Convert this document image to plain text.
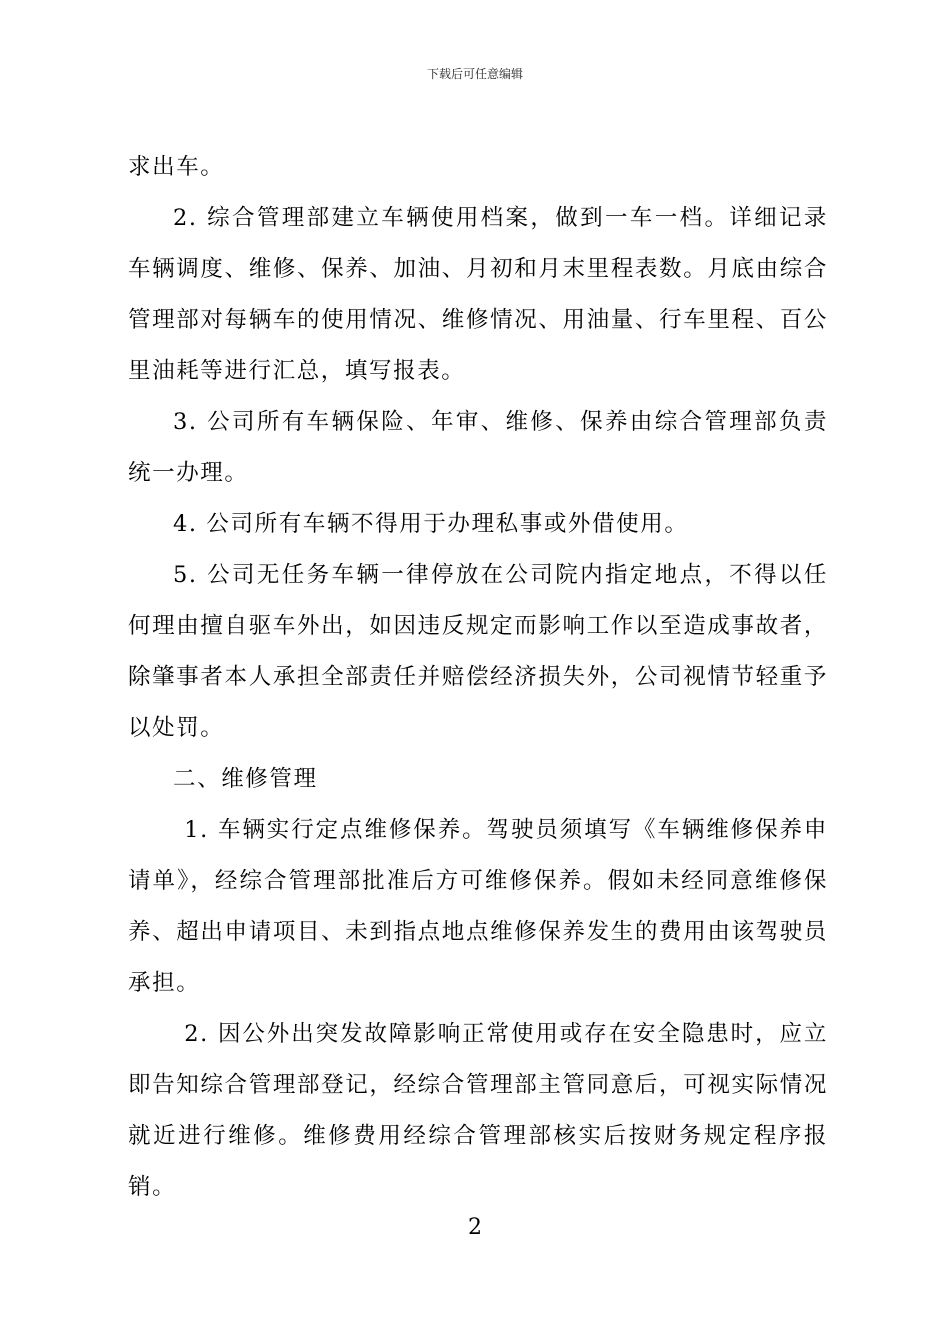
下载后可任意编辑

求出车。

2. 综合管理部建立车辆使用档案，做到一车一档。详细记录车辆调度、维修、保养、加油、月初和月末里程表数。月底由综合管理部对每辆车的使用情况、维修情况、用油量、行车里程、百公里油耗等进行汇总，填写报表。

3. 公司所有车辆保险、年审、维修、保养由综合管理部负责统一办理。

4. 公司所有车辆不得用于办理私事或外借使用。

5. 公司无任务车辆一律停放在公司院内指定地点，不得以任何理由擅自驱车外出，如因违反规定而影响工作以至造成事故者，除肇事者本人承担全部责任并赔偿经济损失外，公司视情节轻重予以处罚。

二、维修管理

1. 车辆实行定点维修保养。驾驶员须填写《车辆维修保养申请单》，经综合管理部批准后方可维修保养。假如未经同意维修保养、超出申请项目、未到指点地点维修保养发生的费用由该驾驶员承担。

2. 因公外出突发故障影响正常使用或存在安全隐患时，应立即告知综合管理部登记，经综合管理部主管同意后，可视实际情况就近进行维修。维修费用经综合管理部核实后按财务规定程序报销。

2
